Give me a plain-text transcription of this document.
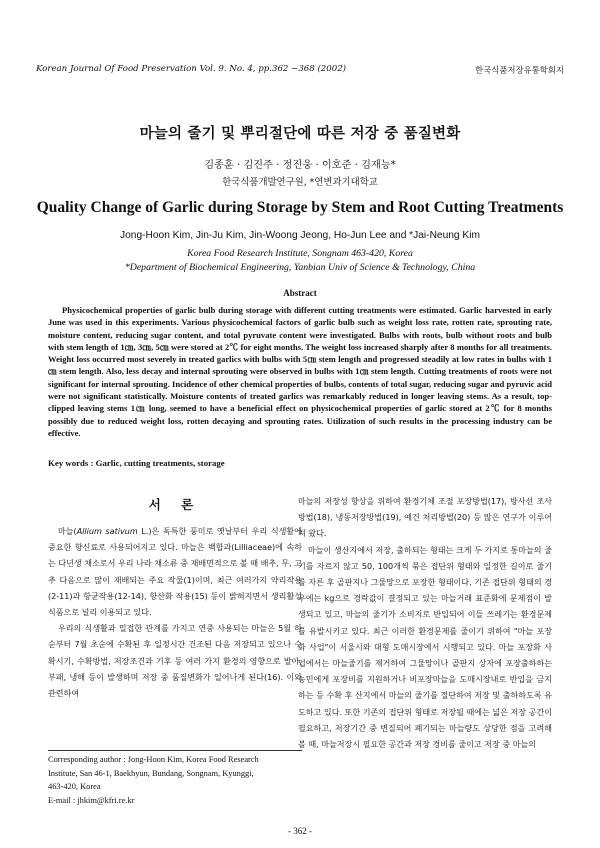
Korean Journal Of Food Preservation Vol. 9. No. 4, pp.362 ~368 (2002)	한국식품저장유통학회지
마늘의 줄기 및 뿌리절단에 따른 저장 중 품질변화
김종훈 · 김진주 · 정진웅 · 이호준 · 김재능*
한국식품개발연구원, *연변과기대학교
Quality Change of Garlic during Storage by Stem and Root Cutting Treatments
Jong-Hoon Kim, Jin-Ju Kim, Jin-Woong Jeong, Ho-Jun Lee and *Jai-Neung Kim
Korea Food Research Institute, Songnam 463-420, Korea
*Department of Biochemical Engineering, Yanbian Univ of Science & Technology, China
Abstract

Physicochemical properties of garlic bulb during storage with different cutting treatments were estimated. Garlic harvested in early June was used in this experiments. Various physicochemical factors of garlic bulb such as weight loss rate, rotten rate, sprouting rate, moisture content, reducing sugar content, and total pyruvate content were investigated. Bulbs with roots, bulb without roots and bulb with stem length of 1㎝, 3㎝, 5㎝ were stored at 2℃ for eight months. The weight loss increased sharply after 8 months for all treatments. Weight loss occurred most severely in treated garlics with bulbs with 5㎝ stem length and progressed steadily at low rates in bulbs with 1㎝ stem length. Also, less decay and internal sprouting were observed in bulbs with 1㎝ stem length. Cutting treatments of roots were not significant for internal sprouting. Incidence of other chemical properties of bulbs, contents of total sugar, reducing sugar and pyruvic acid were not significant statistically. Moisture contents of treated garlics was remarkably reduced in longer leaving stems. As a result, top-clipped leaving stems 1㎝ long, seemed to have a beneficial effect on physicochemical properties of garlic stored at 2℃ for 8 months possibly due to reduced weight loss, rotten decaying and sprouting rates. Utilization of such results in the processing industry can be effective.

Key words : Garlic, cutting treatments, storage
서 론

마늘(Allium sativum L.)은 독특한 풍미로 옛날부터 우리 식생활에 중요한 향신료로 사용되어지고 있다. 마늘은 백합과(Lilliaceae)에 속하는 다년생 채소로서 우리 나라 채소류 중 재배면적으로 볼 때 배추, 무, 고추 다음으로 많이 재배되는 주요 작물(1)이며, 최근 여러가지 약리작용(2-11)과 항균작용(12-14), 항산화 작용(15) 등이 밝혀지면서 생리활성식품으로 널리 이용되고 있다.

우리의 식생활과 밀접한 관계를 가지고 연중 사용되는 마늘은 5월 하순부터 7월 초순에 수확된 후 일정시간 건조된 다음 저장되고 있으나 수확시기, 수확방법, 저장조건과 기후 등 여러 가지 환경의 영향으로 발아, 부패, 냉해 등이 발생하며 저장 중 품질변화가 일어나게 된다(16). 이와 관련하여

마늘의 저장성 향상을 위하여 환경기체 조절 포장방법(17), 방사선 조사방법(18), 냉동저장방법(19), 예건 처리방법(20) 등 많은 연구가 이루어져 왔다.

마늘이 생산지에서 저장, 출하되는 형태는 크게 두 가지로 통마늘의 줄기를 자르지 않고 50, 100개씩 묶은 접단위 형태와 일정한 길이로 줄기를 자른 후 골판지나 그물망으로 포장한 형태이다. 기존 접단위 형태의 경우에는 kg으로 경락값이 결정되고 있는 마늘거래 표준화에 문제점이 발생되고 있고, 마늘의 줄기가 소비지로 반입되어 이들 쓰레기는 환경문제를 유발시키고 있다. 최근 이러한 환경문제를 줄이기 위하여 "마늘 포장화 사업"이 서울시와 대형 도매시장에서 시행되고 있다. 마늘 포장화 사업에서는 마늘줄기를 제거하여 그물망이나 골판지 상자에 포장출하하는 농민에게 포장비를 지원하거나 비포장마늘을 도매시장내로 반입을 금지하는 등 수확 후 산지에서 마늘의 줄기를 절단하여 저장 및 출하하도록 유도하고 있다. 또한 기존의 접단위 형태로 저장될 때에는 넓은 저장 공간이 필요하고, 저장기간 중 변질되어 폐기되는 마늘량도 상당한 점을 고려해 볼 때, 마늘저장시 필요한 공간과 저장 경비를 줄이고 저장 중 마늘의

Corresponding author : Jong-Hoon Kim, Korea Food Research
Institute, San 46-1, Baekhyun, Bundang, Songnam, Kyunggi,
463-420, Korea
E-mail : jhkim@kfri.re.kr
- 362 -
